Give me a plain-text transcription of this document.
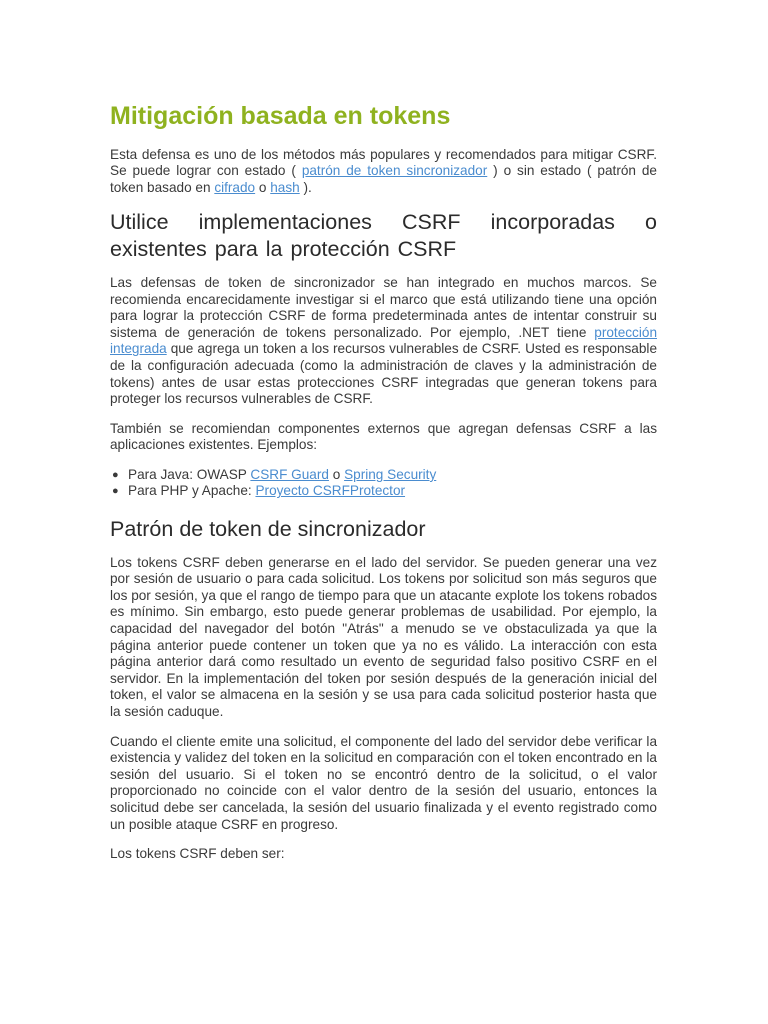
Mitigación basada en tokens

Esta defensa es uno de los métodos más populares y recomendados para mitigar CSRF. Se puede lograr con estado ( patrón de token sincronizador ) o sin estado ( patrón de token basado en cifrado o hash ).

Utilice implementaciones CSRF incorporadas o existentes para la protección CSRF

Las defensas de token de sincronizador se han integrado en muchos marcos. Se recomienda encarecidamente investigar si el marco que está utilizando tiene una opción para lograr la protección CSRF de forma predeterminada antes de intentar construir su sistema de generación de tokens personalizado. Por ejemplo, .NET tiene protección integrada que agrega un token a los recursos vulnerables de CSRF. Usted es responsable de la configuración adecuada (como la administración de claves y la administración de tokens) antes de usar estas protecciones CSRF integradas que generan tokens para proteger los recursos vulnerables de CSRF.

También se recomiendan componentes externos que agregan defensas CSRF a las aplicaciones existentes. Ejemplos:

● Para Java: OWASP CSRF Guard o Spring Security
● Para PHP y Apache: Proyecto CSRFProtector
Patrón de token de sincronizador

Los tokens CSRF deben generarse en el lado del servidor. Se pueden generar una vez por sesión de usuario o para cada solicitud. Los tokens por solicitud son más seguros que los por sesión, ya que el rango de tiempo para que un atacante explote los tokens robados es mínimo. Sin embargo, esto puede generar problemas de usabilidad. Por ejemplo, la capacidad del navegador del botón "Atrás" a menudo se ve obstaculizada ya que la página anterior puede contener un token que ya no es válido. La interacción con esta página anterior dará como resultado un evento de seguridad falso positivo CSRF en el servidor. En la implementación del token por sesión después de la generación inicial del token, el valor se almacena en la sesión y se usa para cada solicitud posterior hasta que la sesión caduque.

Cuando el cliente emite una solicitud, el componente del lado del servidor debe verificar la existencia y validez del token en la solicitud en comparación con el token encontrado en la sesión del usuario. Si el token no se encontró dentro de la solicitud, o el valor proporcionado no coincide con el valor dentro de la sesión del usuario, entonces la solicitud debe ser cancelada, la sesión del usuario finalizada y el evento registrado como un posible ataque CSRF en progreso.

Los tokens CSRF deben ser:
